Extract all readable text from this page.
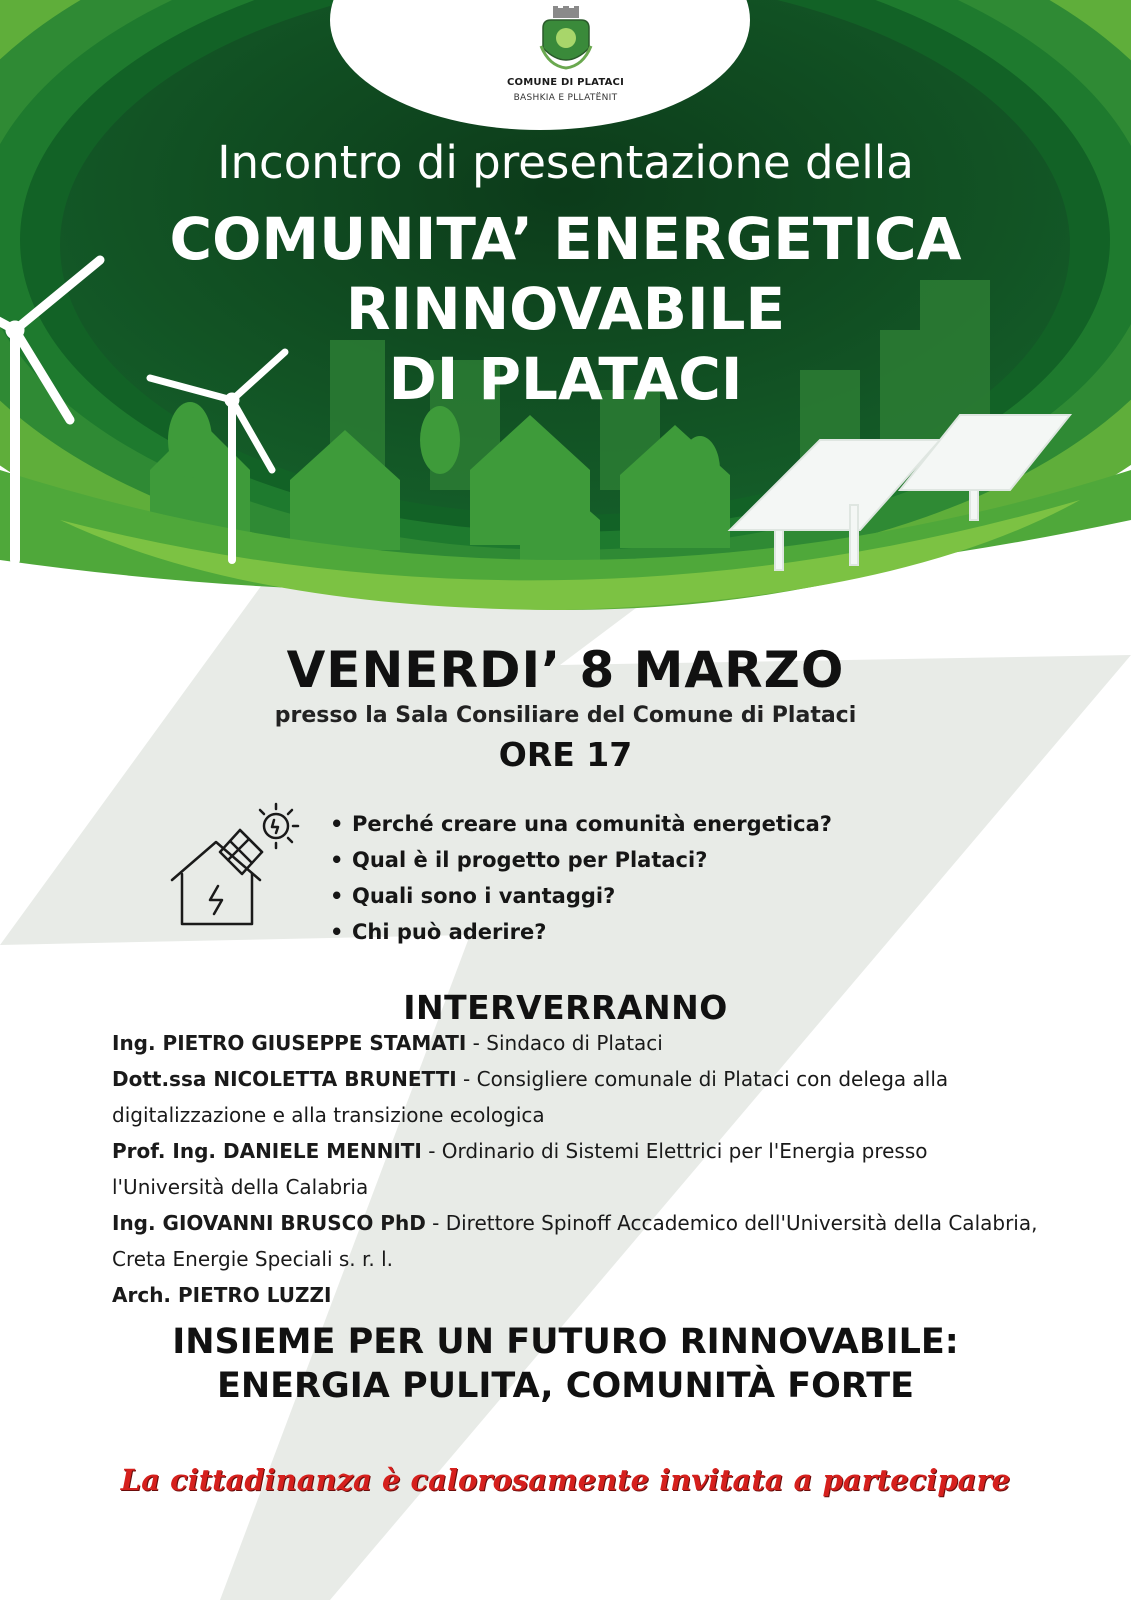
COMUNE DI PLATACI
BASHKIA E PLLATËNIT
Incontro di presentazione della
COMUNITA’ ENERGETICA
RINNOVABILE
DI PLATACI
VENERDI’ 8 MARZO
presso la Sala Consiliare del Comune di Plataci
ORE 17
• Perché creare una comunità energetica?
• Qual è il progetto per Plataci?
• Quali sono i vantaggi?
• Chi può aderire?
INTERVERRANNO
Ing. PIETRO GIUSEPPE STAMATI - Sindaco di Plataci
Dott.ssa NICOLETTA BRUNETTI - Consigliere comunale di Plataci con delega alla digitalizzazione e alla transizione ecologica
Prof. Ing. DANIELE MENNITI - Ordinario di Sistemi Elettrici per l'Energia presso l'Università della Calabria
Ing. GIOVANNI BRUSCO PhD - Direttore Spinoff Accademico dell'Università della Calabria, Creta Energie Speciali s. r. l.
Arch. PIETRO LUZZI
INSIEME PER UN FUTURO RINNOVABILE:
ENERGIA PULITA, COMUNITÀ FORTE
La cittadinanza è calorosamente invitata a partecipare
